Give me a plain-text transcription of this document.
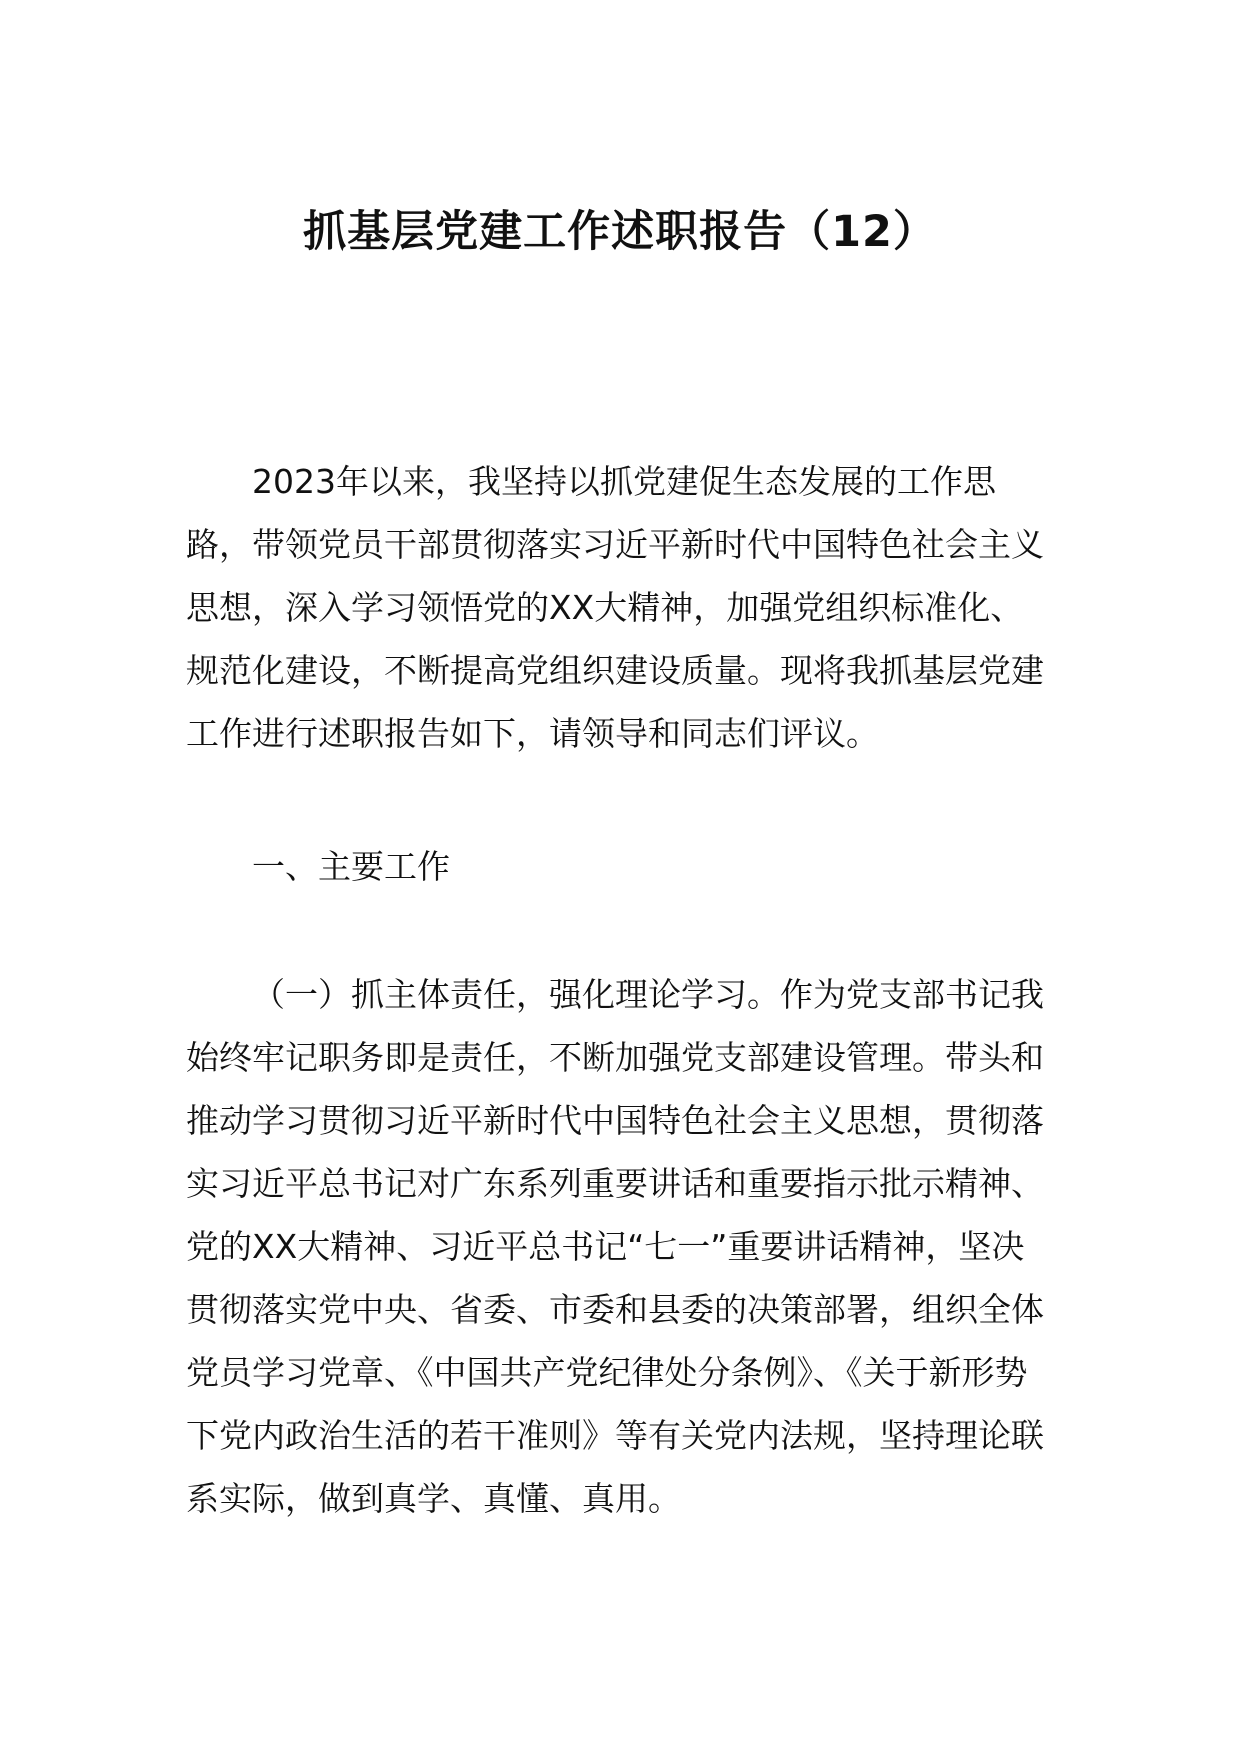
抓基层党建工作述职报告（12）

2023年以来，我坚持以抓党建促生态发展的工作思路，带领党员干部贯彻落实习近平新时代中国特色社会主义思想，深入学习领悟党的XX大精神，加强党组织标准化、规范化建设，不断提高党组织建设质量。现将我抓基层党建工作进行述职报告如下，请领导和同志们评议。

一、主要工作

（一）抓主体责任，强化理论学习。作为党支部书记我始终牢记职务即是责任，不断加强党支部建设管理。带头和推动学习贯彻习近平新时代中国特色社会主义思想，贯彻落实习近平总书记对广东系列重要讲话和重要指示批示精神、党的XX大精神、习近平总书记“七一”重要讲话精神，坚决贯彻落实党中央、省委、市委和县委的决策部署，组织全体党员学习党章、《中国共产党纪律处分条例》、《关于新形势下党内政治生活的若干准则》等有关党内法规，坚持理论联系实际，做到真学、真懂、真用。
